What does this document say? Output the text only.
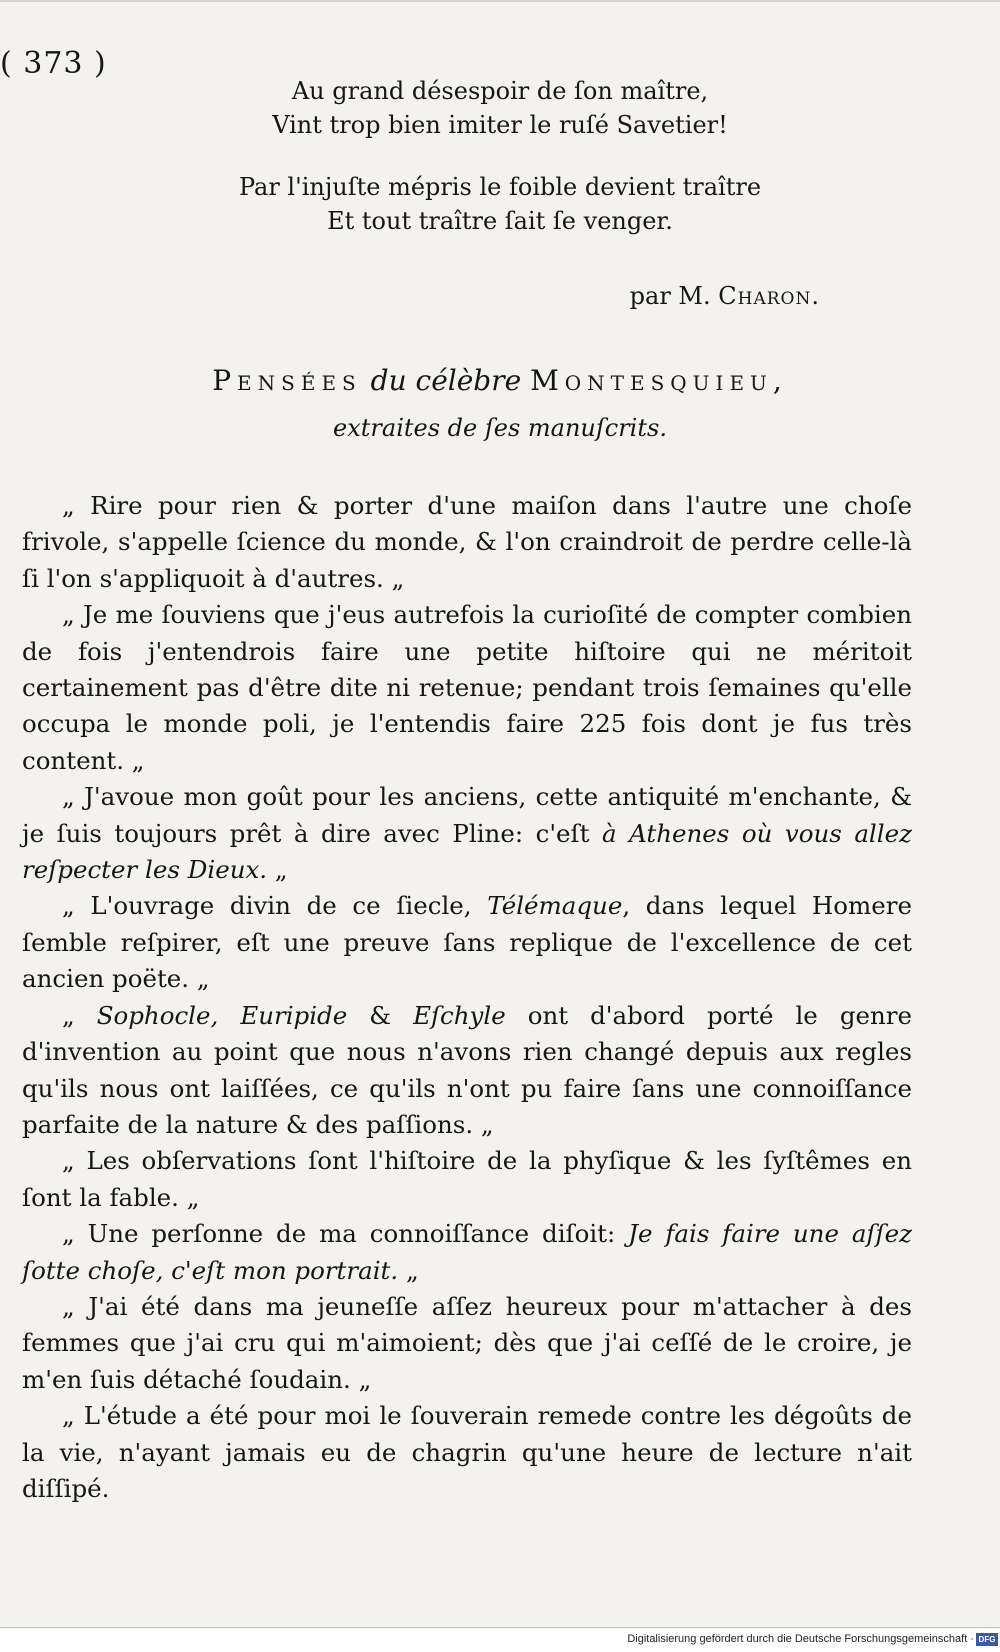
( 373 )
Au grand désespoir de ſon maître,
Vint trop bien imiter le ruſé Savetier!
Par l'injuſte mépris le foible devient traître
Et tout traître ſait ſe venger.
par M. Charon.
Pensées du célèbre Montesquieu,
extraites de ſes manuſcrits.

„ Rire pour rien & porter d'une maiſon dans l'autre une choſe frivole, s'appelle ſcience du monde, & l'on craindroit de perdre celle-là ſi l'on s'appliquoit à d'autres. „

„ Je me ſouviens que j'eus autrefois la curioſité de compter combien de fois j'entendrois faire une petite hiſtoire qui ne méritoit certainement pas d'être dite ni retenue; pendant trois ſemaines qu'elle occupa le monde poli, je l'entendis faire 225 fois dont je fus très content. „

„ J'avoue mon goût pour les anciens, cette antiquité m'enchante, & je ſuis toujours prêt à dire avec Pline: c'eſt à Athenes où vous allez reſpecter les Dieux. „

„ L'ouvrage divin de ce ſiecle, Télémaque, dans lequel Homere ſemble reſpirer, eſt une preuve ſans replique de l'excellence de cet ancien poëte. „

„ Sophocle, Euripide & Eſchyle ont d'abord porté le genre d'invention au point que nous n'avons rien changé depuis aux regles qu'ils nous ont laiſſées, ce qu'ils n'ont pu faire ſans une connoiſſance parfaite de la nature & des paſſions. „

„ Les obſervations ſont l'hiſtoire de la phyſique & les ſyſtêmes en ſont la fable. „

„ Une perſonne de ma connoiſſance diſoit: Je fais faire une aſſez ſotte choſe, c'eſt mon portrait. „

„ J'ai été dans ma jeuneſſe aſſez heureux pour m'attacher à des femmes que j'ai cru qui m'aimoient; dès que j'ai ceſſé de le croire, je m'en ſuis détaché ſoudain. „

„ L'étude a été pour moi le ſouverain remede contre les dégoûts de la vie, n'ayant jamais eu de chagrin qu'une heure de lecture n'ait diſſipé.

Digitalisierung gefördert durch die Deutsche Forschungsgemeinschaft · DFG
